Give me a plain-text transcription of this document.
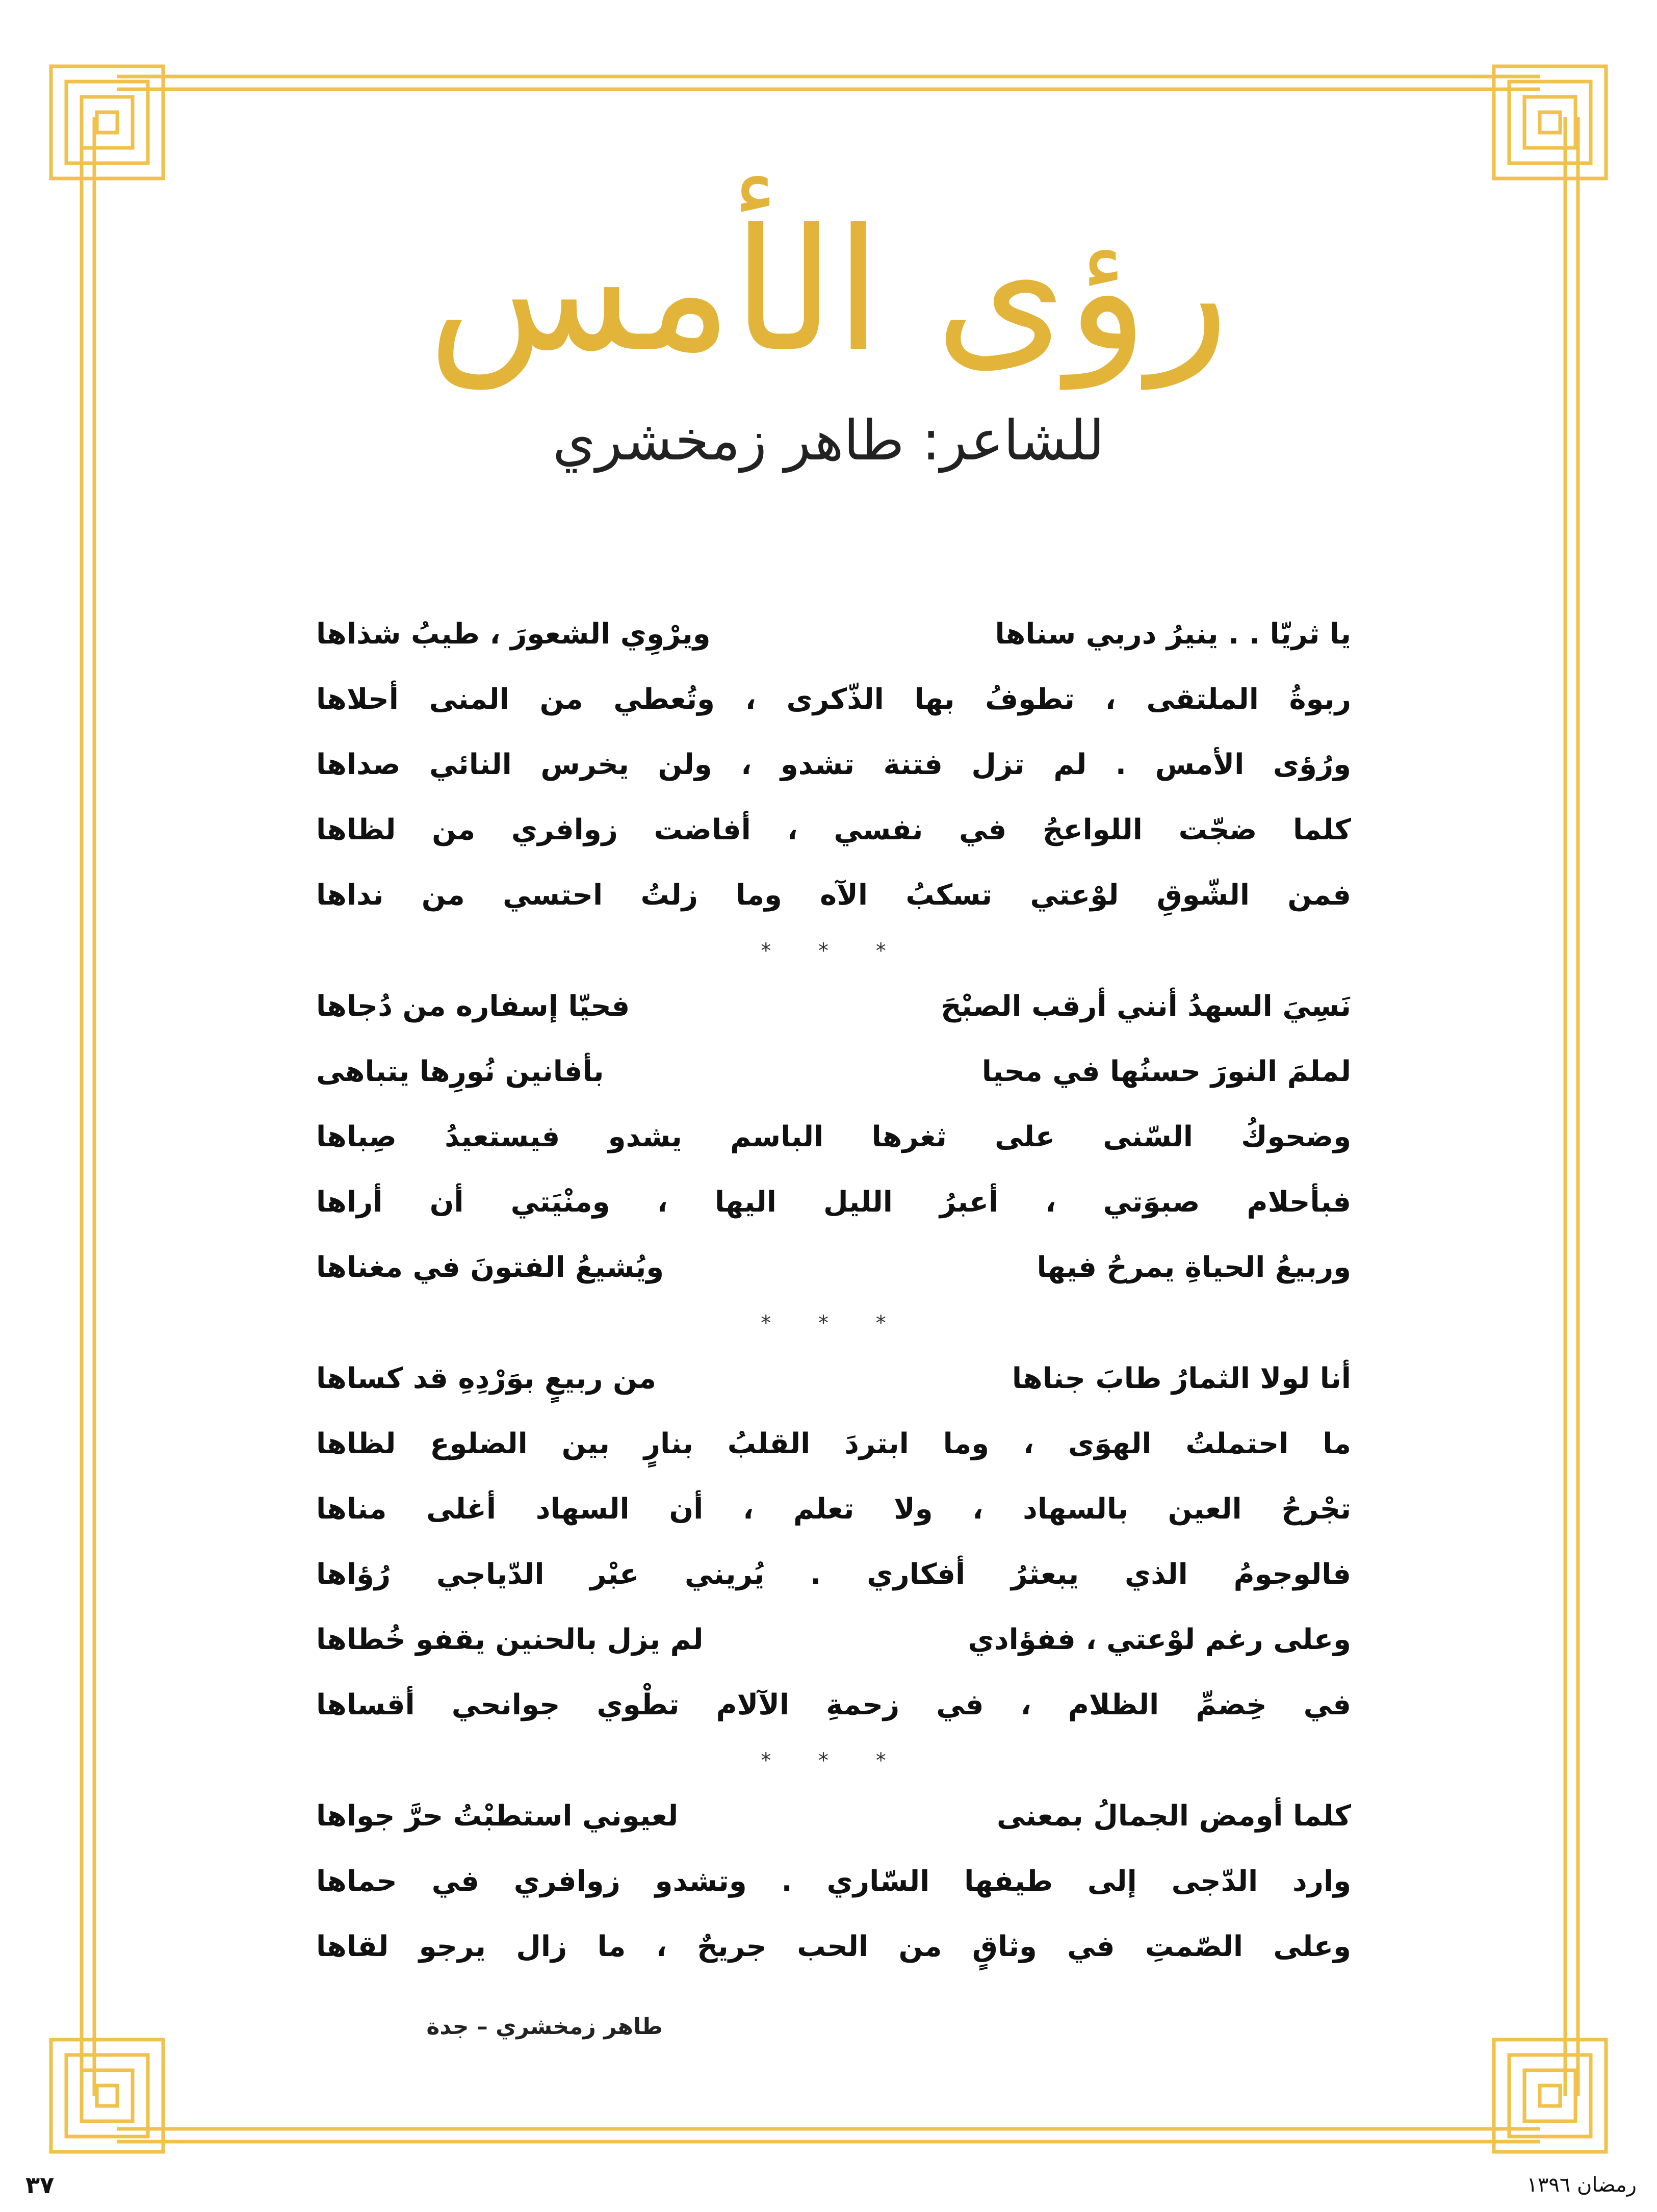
رؤى الأمس
للشاعر: طاهر زمخشري
يا ثريّا . . ينيرُ دربي سناها
ويرْوِي الشعورَ ، طيبُ شذاها
ربوةُ الملتقى ، تطوفُ بها الذّكرى ، وتُعطي من المنى أحلاها
ورُؤى الأمس . لم تزل فتنة تشدو ، ولن يخرس النائي صداها
كلما ضجّت اللواعجُ في نفسي ، أفاضت زوافري من لظاها
فمن الشّوقِ لوْعتي تسكبُ الآه وما زلتُ احتسي من نداها
* * *
نَسِيَ السهدُ أنني أرقب الصبْحَ
فحيّا إسفاره من دُجاها
لملمَ النورَ حسنُها في محيا
بأفانين نُورِها يتباهى
وضحوكُ السّنى على ثغرها الباسم يشدو فيستعيدُ صِباها
فبأحلام صبوَتي ، أعبرُ الليل اليها ، ومنْيَتي أن أراها
وربيعُ الحياةِ يمرحُ فيها
ويُشيعُ الفتونَ في مغناها
* * *
أنا لولا الثمارُ طابَ جناها
من ربيعٍ بوَرْدِهِ قد كساها
ما احتملتُ الهوَى ، وما ابتردَ القلبُ بنارٍ بين الضلوع لظاها
تجْرحُ العين بالسهاد ، ولا تعلم ، أن السهاد أغلى مناها
فالوجومُ الذي يبعثرُ أفكاري . يُريني عبْر الدّياجي رُؤاها
وعلى رغم لوْعتي ، ففؤادي
لم يزل بالحنين يقفو خُطاها
في خِضمِّ الظلام ، في زحمةِ الآلام تطْوي جوانحي أقساها
* * *
كلما أومض الجمالُ بمعنى
لعيوني استطبْتُ حرَّ جواها
وارد الدّجى إلى طيفها السّاري . وتشدو زوافري في حماها
وعلى الصّمتِ في وثاقٍ من الحب جريحٌ ، ما زال يرجو لقاها
طاهر زمخشري – جدة
٣٧	رمضان ١٣٩٦
